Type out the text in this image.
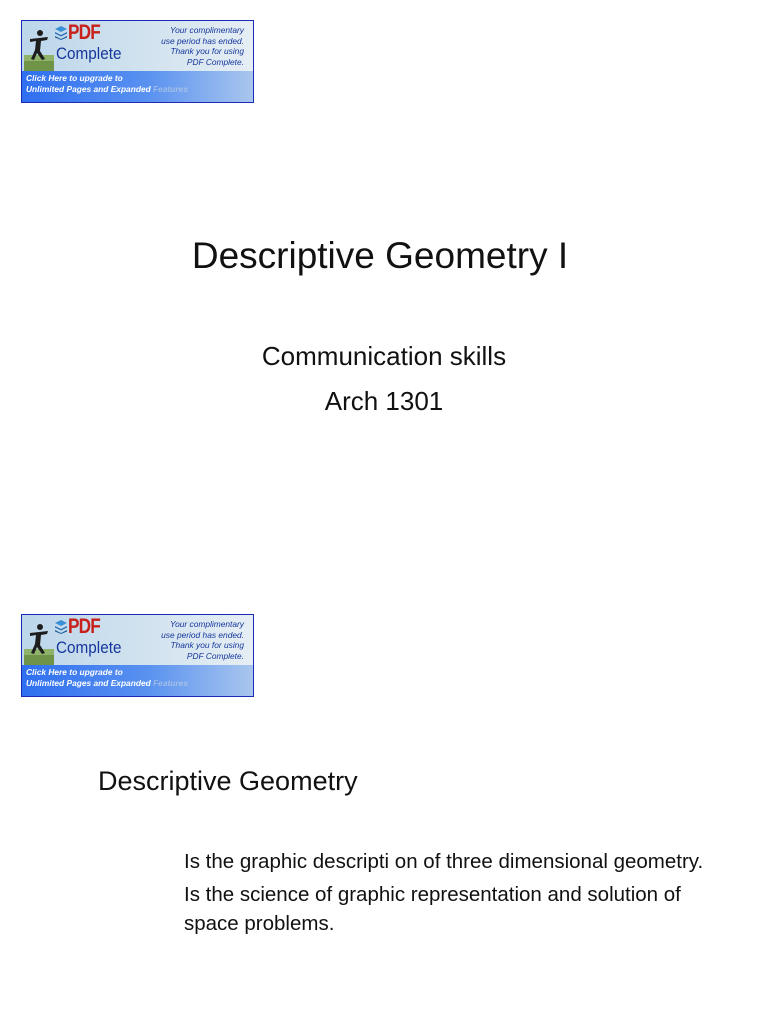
PDF
Complete
Your complimentary
use period has ended.
Thank you for using
PDF Complete.
Click Here to upgrade to
Unlimited Pages and Expanded Features
Descriptive Geometry I
Communication skills
Arch 1301
PDF
Complete
Your complimentary
use period has ended.
Thank you for using
PDF Complete.
Click Here to upgrade to
Unlimited Pages and Expanded Features
Descriptive Geometry
Is the graphic descripti on of three dimensional geometry.
Is the science of graphic representation and solution of space problems.
